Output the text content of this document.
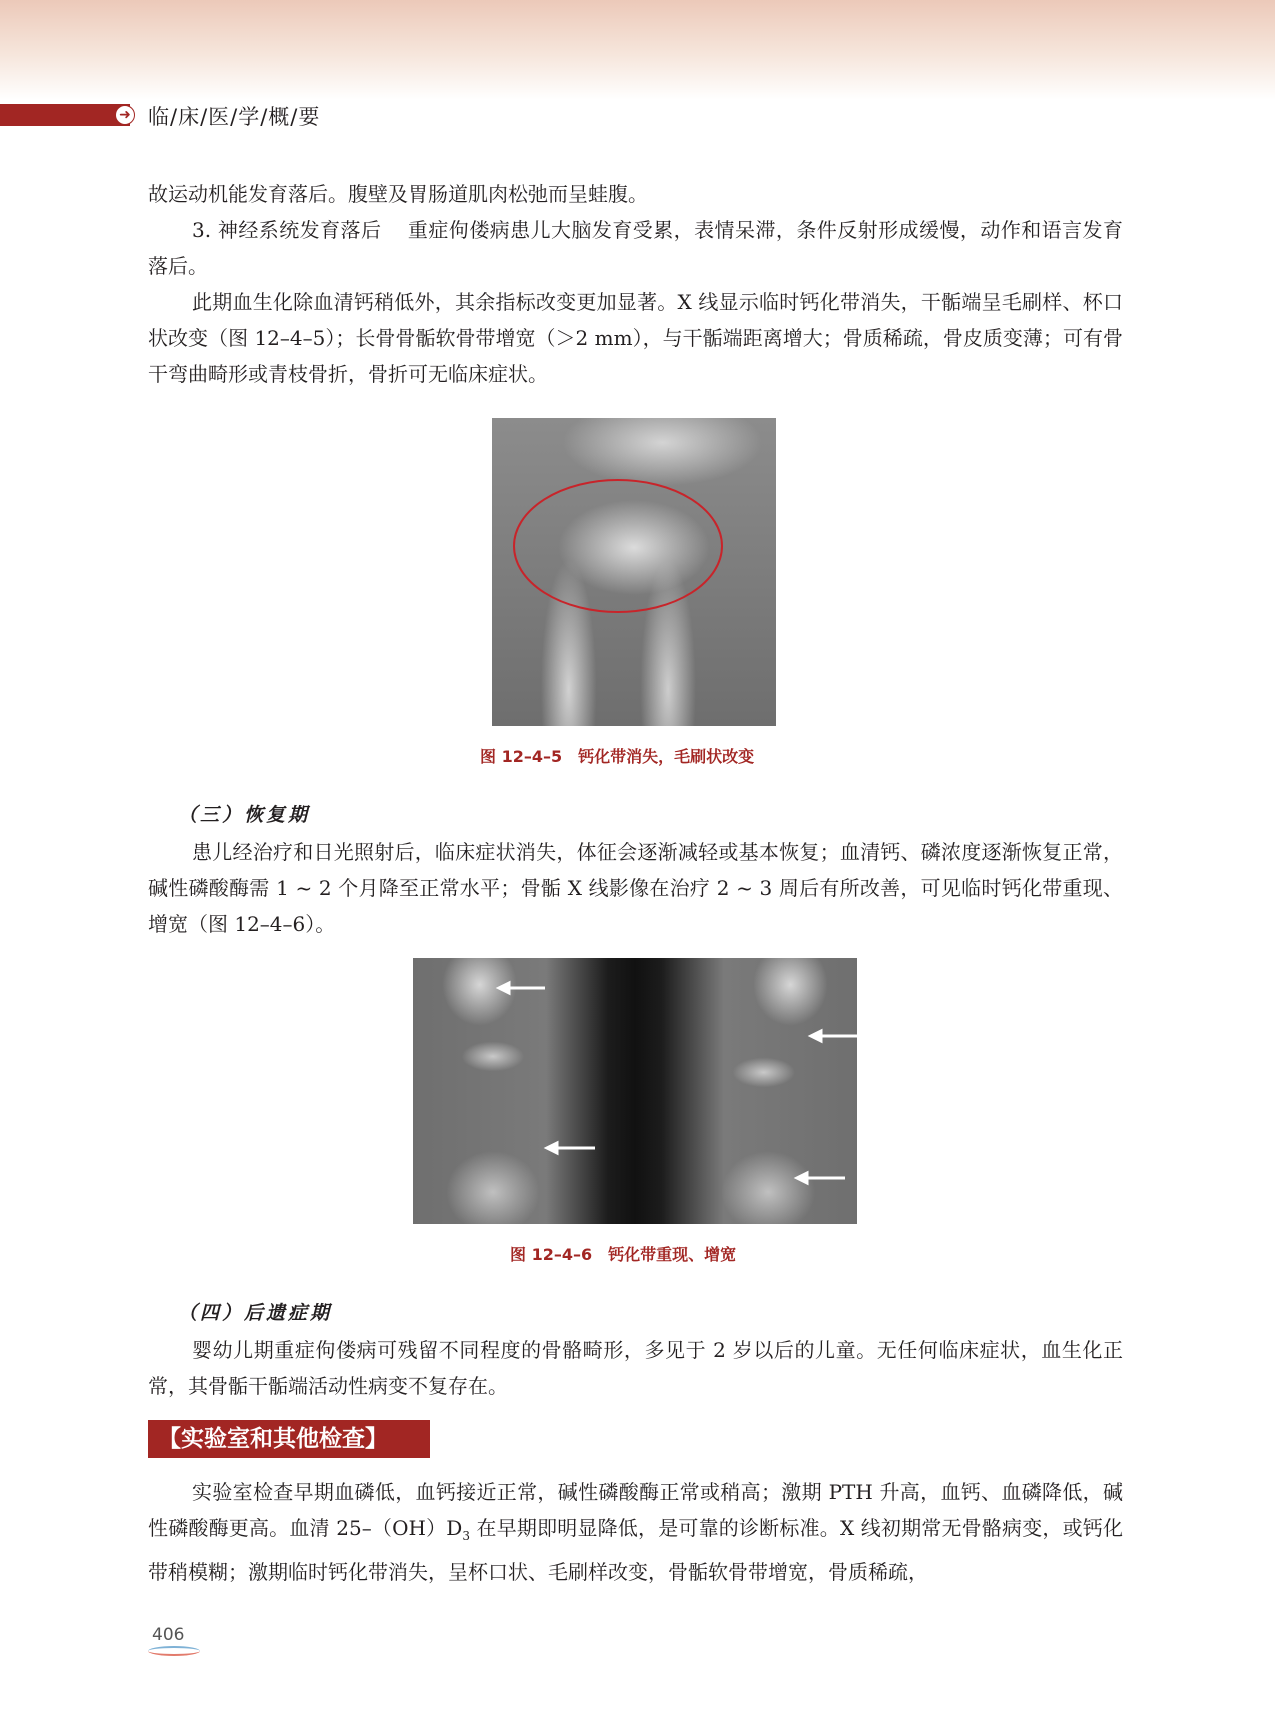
➜ 临/床/医/学/概/要
故运动机能发育落后。腹壁及胃肠道肌肉松弛而呈蛙腹。
3. 神经系统发育落后 重症佝偻病患儿大脑发育受累，表情呆滞，条件反射形成缓慢，动作和语言发育落后。
此期血生化除血清钙稍低外，其余指标改变更加显著。X 线显示临时钙化带消失，干骺端呈毛刷样、杯口状改变（图 12–4–5）；长骨骨骺软骨带增宽（＞2 mm），与干骺端距离增大；骨质稀疏，骨皮质变薄；可有骨干弯曲畸形或青枝骨折，骨折可无临床症状。
图 12–4–5 钙化带消失，毛刷状改变
（三）恢复期
患儿经治疗和日光照射后，临床症状消失，体征会逐渐减轻或基本恢复；血清钙、磷浓度逐渐恢复正常，碱性磷酸酶需 1 ~ 2 个月降至正常水平；骨骺 X 线影像在治疗 2 ~ 3 周后有所改善，可见临时钙化带重现、增宽（图 12–4–6）。
图 12–4–6 钙化带重现、增宽
（四）后遗症期
婴幼儿期重症佝偻病可残留不同程度的骨骼畸形，多见于 2 岁以后的儿童。无任何临床症状，血生化正常，其骨骺干骺端活动性病变不复存在。
【实验室和其他检查】
实验室检查早期血磷低，血钙接近正常，碱性磷酸酶正常或稍高；激期 PTH 升高，血钙、血磷降低，碱性磷酸酶更高。血清 $25-(OH)D_3$ 在早期即明显降低，是可靠的诊断标准。X 线初期常无骨骼病变，或钙化带稍模糊；激期临时钙化带消失，呈杯口状、毛刷样改变，骨骺软骨带增宽，骨质稀疏，
406
